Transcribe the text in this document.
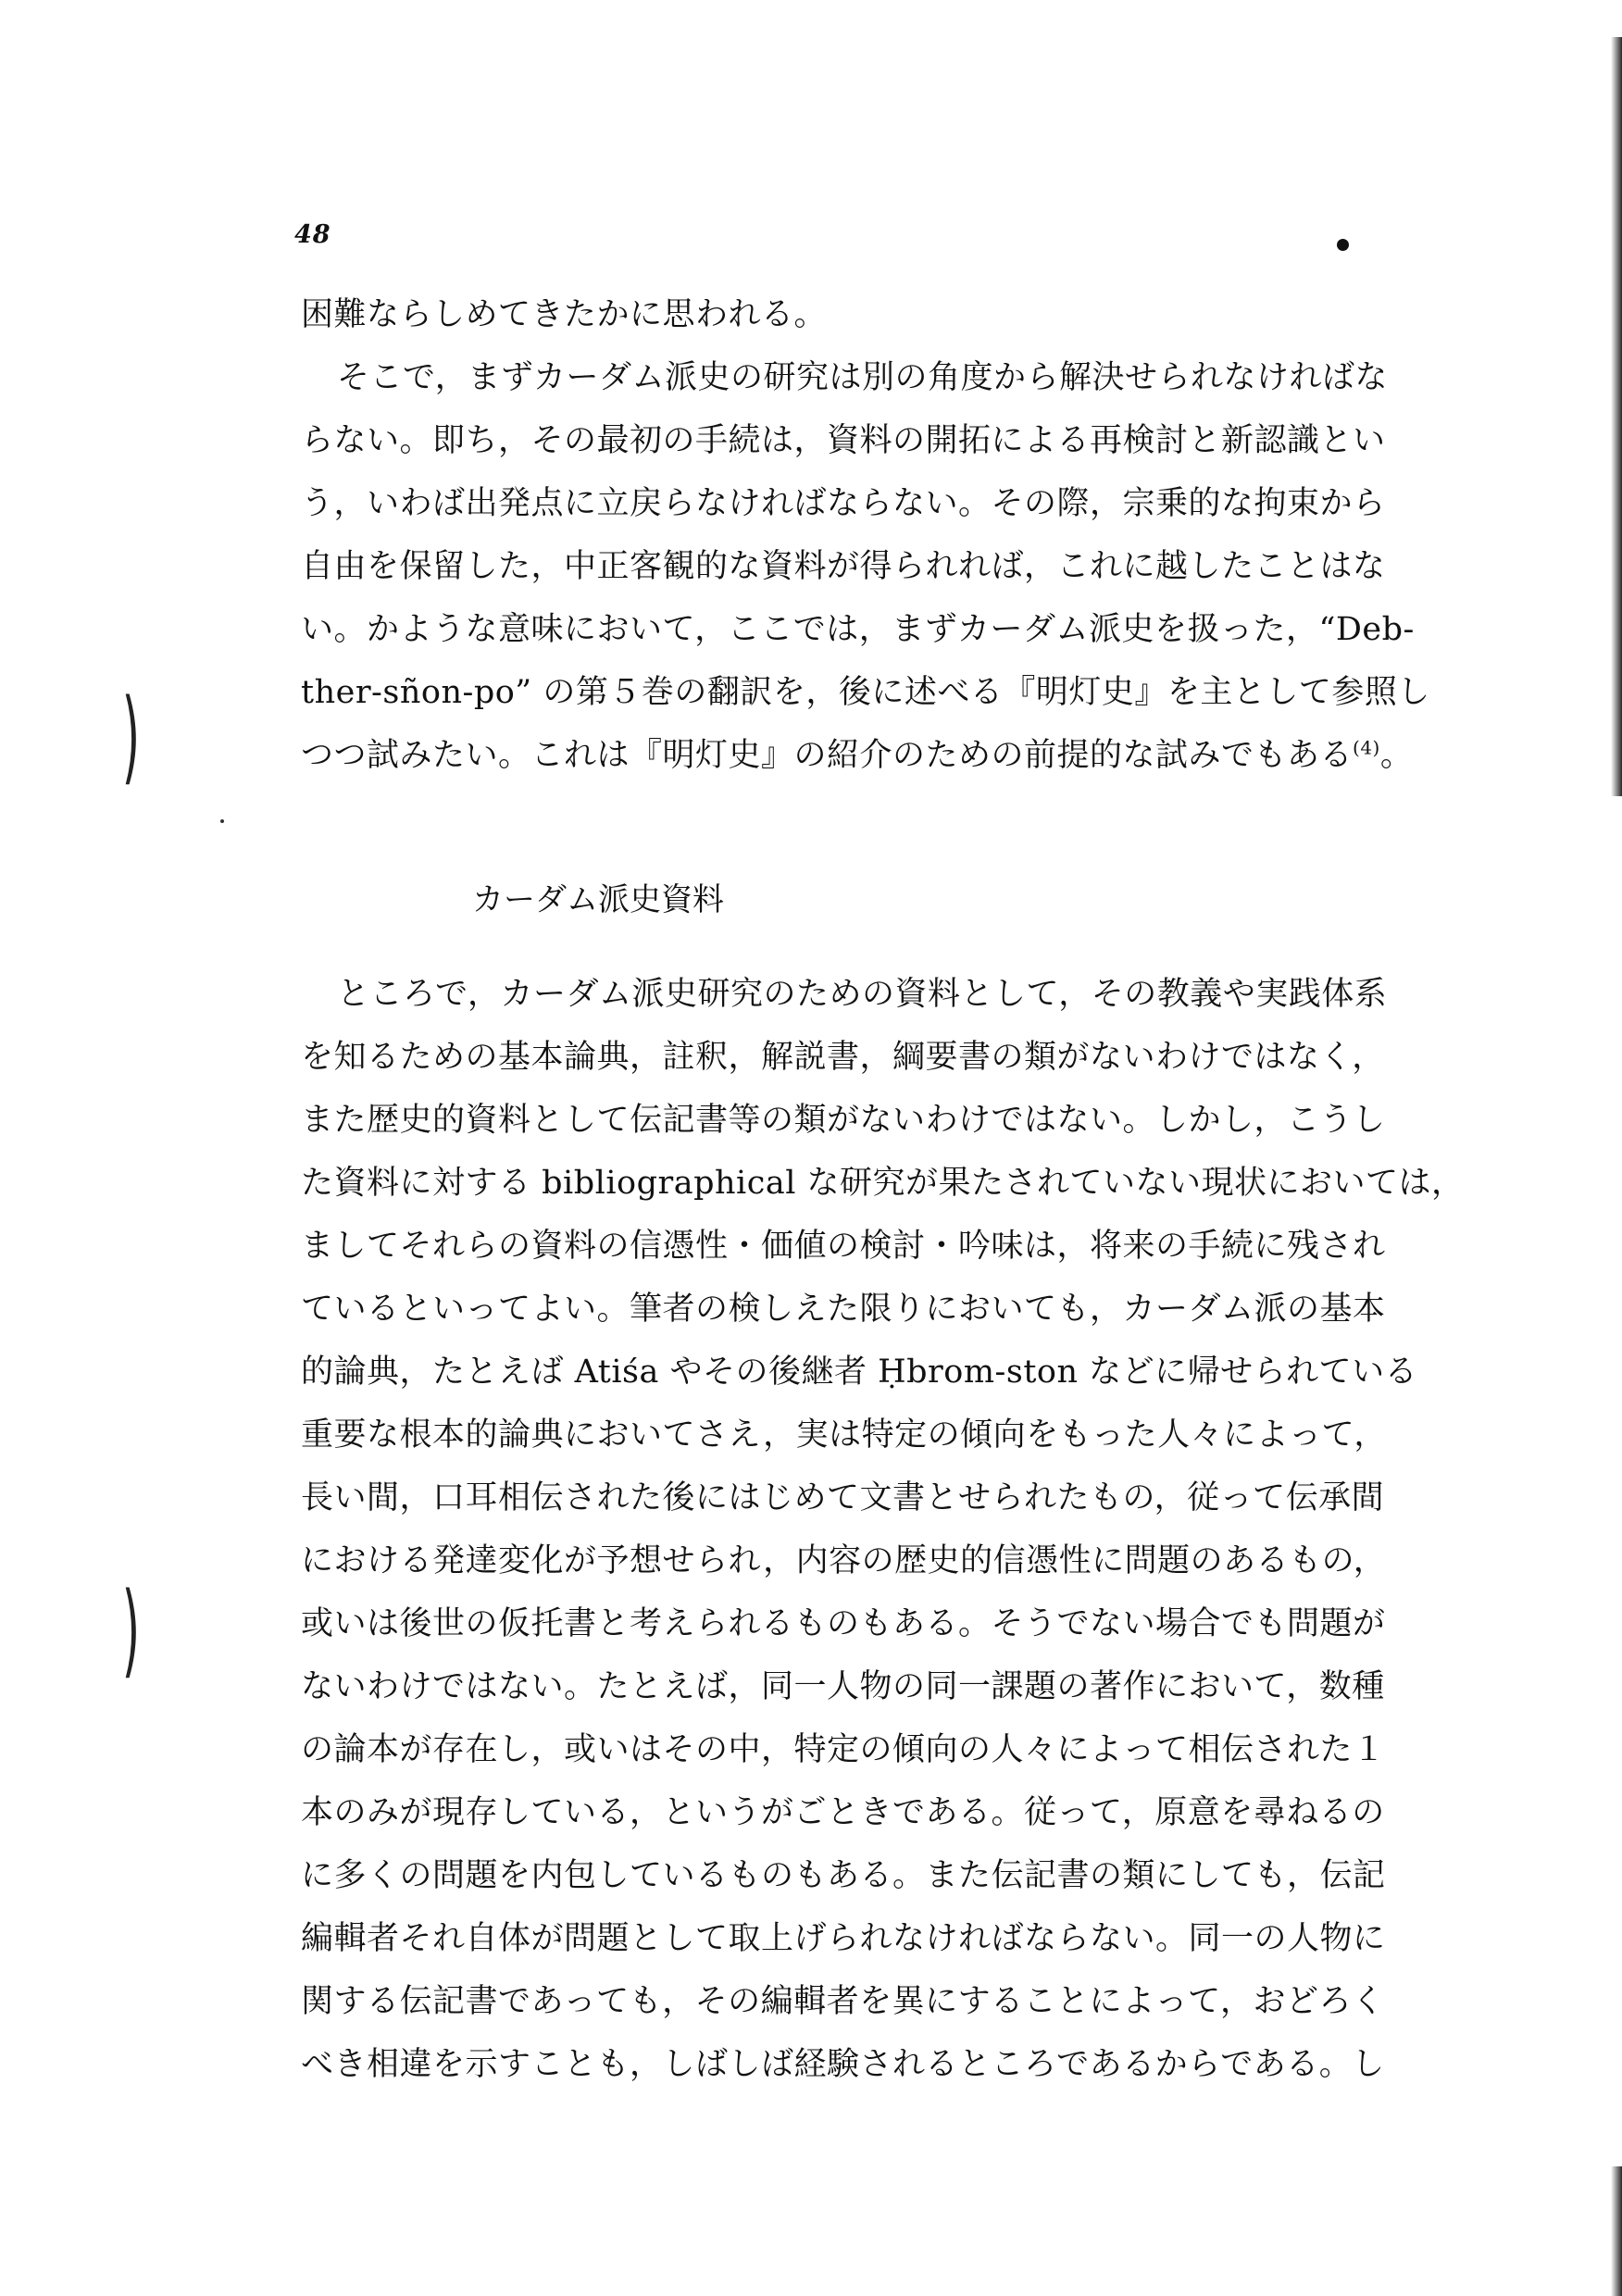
)
)
48
困難ならしめてきたかに思われる。
そこで，まずカーダム派史の研究は別の角度から解決せられなければな
らない。即ち，その最初の手続は，資料の開拓による再検討と新認識とい
う，いわば出発点に立戻らなければならない。その際，宗乗的な拘束から
自由を保留した，中正客観的な資料が得られれば，これに越したことはな
い。かような意味において，ここでは，まずカーダム派史を扱った，“Deb-
ther-sñon-po” の第５巻の翻訳を，後に述べる『明灯史』を主として参照し
つつ試みたい。これは『明灯史』の紹介のための前提的な試みでもある$^{(4)}$。
カーダム派史資料
ところで，カーダム派史研究のための資料として，その教義や実践体系
を知るための基本論典，註釈，解説書，綱要書の類がないわけではなく，
また歴史的資料として伝記書等の類がないわけではない。しかし，こうし
た資料に対する bibliographical な研究が果たされていない現状においては，
ましてそれらの資料の信憑性・価値の検討・吟味は，将来の手続に残され
ているといってよい。筆者の検しえた限りにおいても，カーダム派の基本
的論典，たとえば Atiśa やその後継者 Ḥbrom-ston などに帰せられている
重要な根本的論典においてさえ，実は特定の傾向をもった人々によって，
長い間，口耳相伝された後にはじめて文書とせられたもの，従って伝承間
における発達変化が予想せられ，内容の歴史的信憑性に問題のあるもの，
或いは後世の仮托書と考えられるものもある。そうでない場合でも問題が
ないわけではない。たとえば，同一人物の同一課題の著作において，数種
の論本が存在し，或いはその中，特定の傾向の人々によって相伝された１
本のみが現存している，というがごときである。従って，原意を尋ねるの
に多くの問題を内包しているものもある。また伝記書の類にしても，伝記
編輯者それ自体が問題として取上げられなければならない。同一の人物に
関する伝記書であっても，その編輯者を異にすることによって，おどろく
べき相違を示すことも，しばしば経験されるところであるからである。し
